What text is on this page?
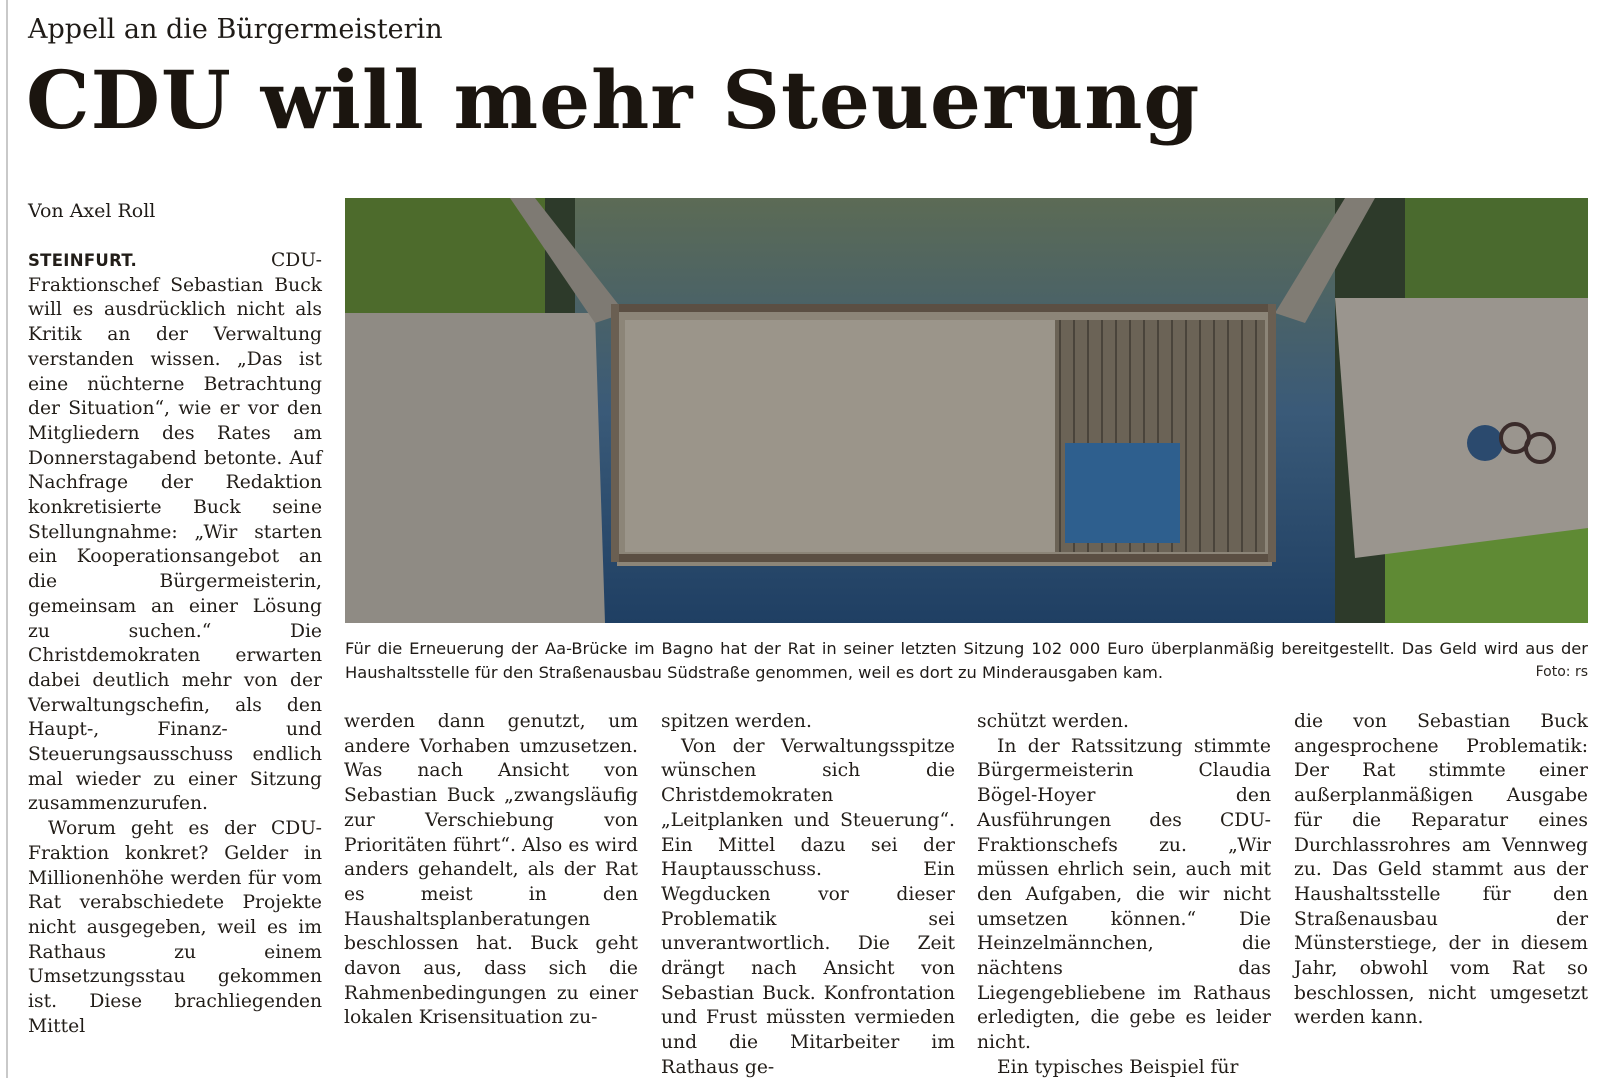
Appell an die Bürgermeisterin
CDU will mehr Steuerung
Von Axel Roll
Für die Erneuerung der Aa-Brücke im Bagno hat der Rat in seiner letzten Sitzung 102 000 Euro überplanmäßig bereitgestellt. Das Geld wird aus der Haushaltsstelle für den Straßenausbau Südstraße genommen, weil es dort zu Minderausgaben kam.	Foto: rs

STEINFURT.	CDU-Fraktionschef Sebastian Buck will es ausdrücklich nicht als Kritik an der Verwaltung verstanden wissen. „Das ist eine nüchterne Betrachtung der Situation“, wie er vor den Mitgliedern des Rates am Donnerstagabend betonte. Auf Nachfrage der Redaktion konkretisierte Buck seine Stellungnahme: „Wir starten ein Kooperationsangebot an die Bürgermeisterin, gemeinsam an einer Lösung zu suchen.“ Die Christdemokraten erwarten dabei deutlich mehr von der Verwaltungschefin, als den Haupt-, Finanz- und Steuerungsausschuss endlich mal wieder zu einer Sitzung zusammenzurufen.

Worum geht es der CDU-Fraktion konkret? Gelder in Millionenhöhe werden für vom Rat verabschiedete Projekte nicht ausgegeben, weil es im Rathaus zu einem Umsetzungsstau gekommen ist. Diese brachliegenden Mittel

werden dann genutzt, um andere Vorhaben umzusetzen. Was nach Ansicht von Sebastian Buck „zwangsläufig zur Verschiebung von Prioritäten führt“. Also es wird anders gehandelt, als der Rat es meist in den Haushaltsplanberatungen beschlossen hat. Buck geht davon aus, dass sich die Rahmenbedingungen zu einer lokalen Krisensituation zu-

spitzen werden.

Von der Verwaltungsspitze wünschen sich die Christdemokraten „Leitplanken und Steuerung“. Ein Mittel dazu sei der Hauptausschuss. Ein Wegducken vor dieser Problematik sei unverantwortlich. Die Zeit drängt nach Ansicht von Sebastian Buck. Konfrontation und Frust müssten vermieden und die Mitarbeiter im Rathaus ge-

schützt werden.

In der Ratssitzung stimmte Bürgermeisterin Claudia Bögel-Hoyer den Ausführungen des CDU-Fraktionschefs zu. „Wir müssen ehrlich sein, auch mit den Aufgaben, die wir nicht umsetzen können.“ Die Heinzelmännchen, die nächtens das Liegengebliebene im Rathaus erledigten, die gebe es leider nicht.

Ein typisches Beispiel für

die von Sebastian Buck angesprochene Problematik: Der Rat stimmte einer außerplanmäßigen Ausgabe für die Reparatur eines Durchlassrohres am Vennweg zu. Das Geld stammt aus der Haushaltsstelle für den Straßenausbau der Münsterstiege, der in diesem Jahr, obwohl vom Rat so beschlossen, nicht umgesetzt werden kann.
